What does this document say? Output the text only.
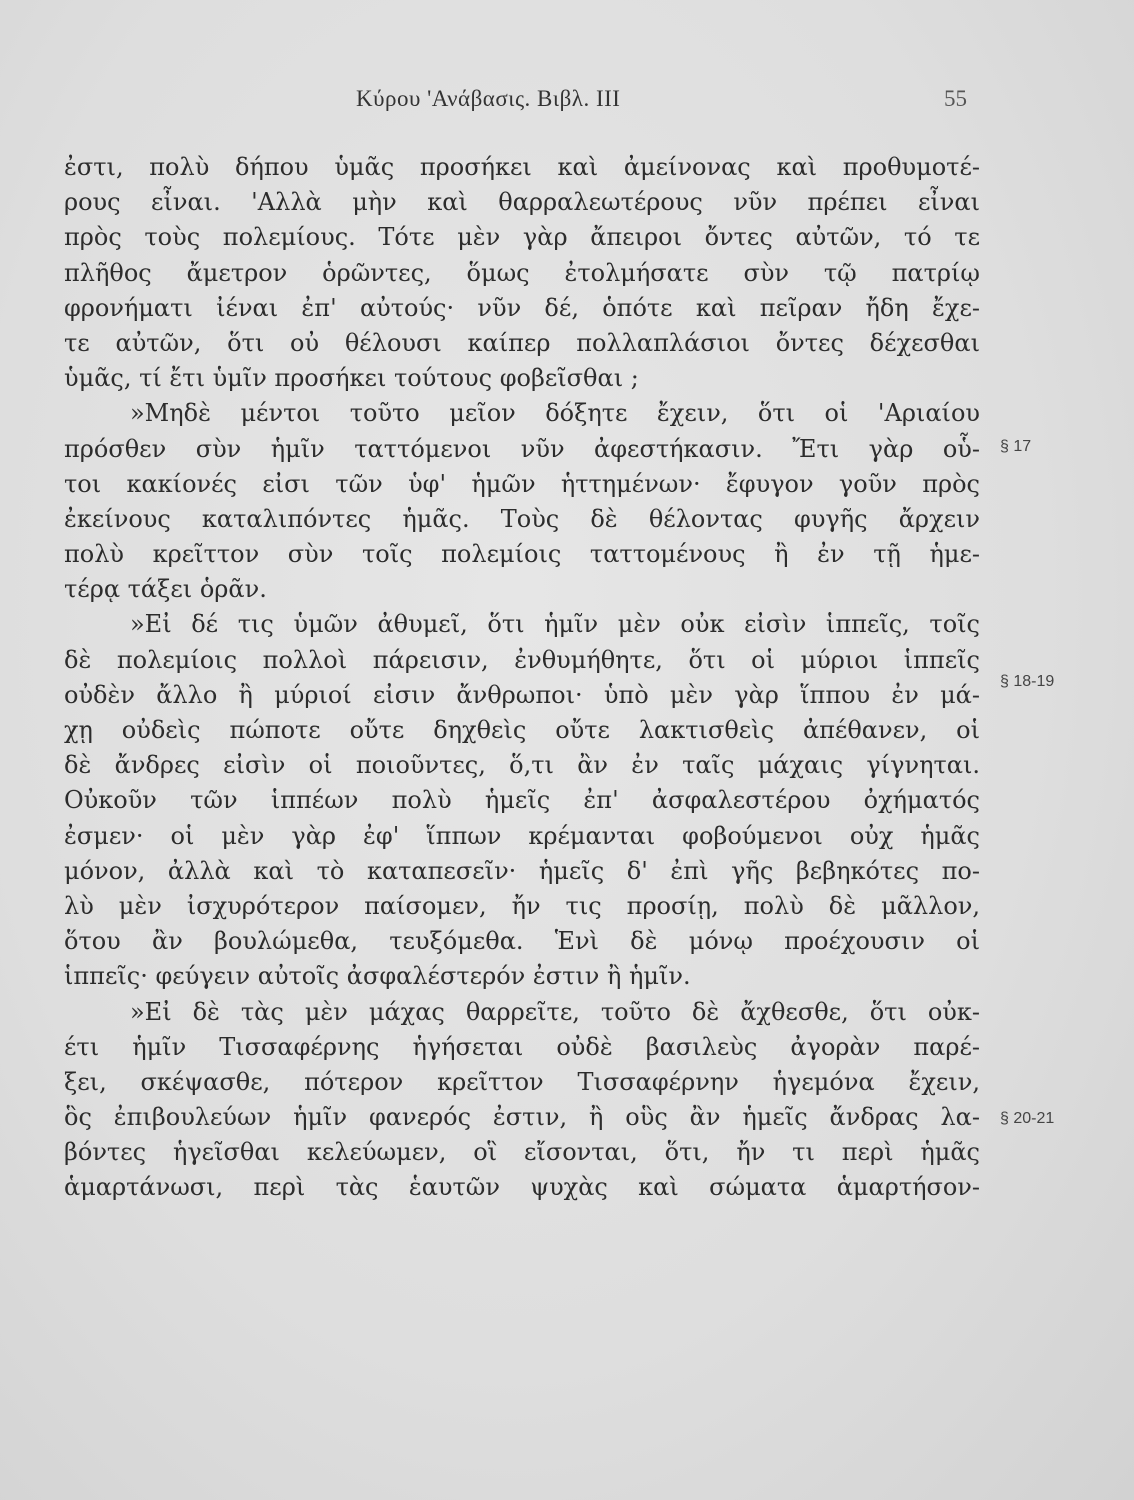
Κύρου 'Ανάβασις. Βιβλ. III	55
ἐστι, πολὺ δήπου ὑμᾶς προσήκει καὶ ἀμείνονας καὶ προθυμοτέ-
ρους εἶναι. 'Αλλὰ μὴν καὶ θαρραλεωτέρους νῦν πρέπει εἶναι
πρὸς τοὺς πολεμίους. Τότε μὲν γὰρ ἄπειροι ὄντες αὐτῶν, τό τε
πλῆθος ἄμετρον ὁρῶντες, ὅμως ἐτολμήσατε σὺν τῷ πατρίῳ
φρονήματι ἰέναι ἐπ' αὐτούς· νῦν δέ, ὁπότε καὶ πεῖραν ἤδη ἔχε-
τε αὐτῶν, ὅτι οὐ θέλουσι καίπερ πολλαπλάσιοι ὄντες δέχεσθαι
ὑμᾶς, τί ἔτι ὑμῖν προσήκει τούτους φοβεῖσθαι ;
»Μηδὲ μέντοι τοῦτο μεῖον δόξητε ἔχειν, ὅτι οἱ 'Αριαίου
πρόσθεν σὺν ἡμῖν ταττόμενοι νῦν ἀφεστήκασιν. Ἔτι γὰρ οὗ-
τοι κακίονές εἰσι τῶν ὑφ' ἡμῶν ἡττημένων· ἔφυγον γοῦν πρὸς
ἐκείνους καταλιπόντες ἡμᾶς. Τοὺς δὲ θέλοντας φυγῆς ἄρχειν
πολὺ κρεῖττον σὺν τοῖς πολεμίοις ταττομένους ἢ ἐν τῇ ἡμε-
τέρᾳ τάξει ὁρᾶν.
»Εἰ δέ τις ὑμῶν ἀθυμεῖ, ὅτι ἡμῖν μὲν οὐκ εἰσὶν ἱππεῖς, τοῖς
δὲ πολεμίοις πολλοὶ πάρεισιν, ἐνθυμήθητε, ὅτι οἱ μύριοι ἱππεῖς
οὐδὲν ἄλλο ἢ μύριοί εἰσιν ἄνθρωποι· ὑπὸ μὲν γὰρ ἵππου ἐν μά-
χῃ οὐδεὶς πώποτε οὔτε δηχθεὶς οὔτε λακτισθεὶς ἀπέθανεν, οἱ
δὲ ἄνδρες εἰσὶν οἱ ποιοῦντες, ὅ,τι ἂν ἐν ταῖς μάχαις γίγνηται.
Οὐκοῦν τῶν ἱππέων πολὺ ἡμεῖς ἐπ' ἀσφαλεστέρου ὀχήματός
ἐσμεν· οἱ μὲν γὰρ ἐφ' ἵππων κρέμανται φοβούμενοι οὐχ ἡμᾶς
μόνον, ἀλλὰ καὶ τὸ καταπεσεῖν· ἡμεῖς δ' ἐπὶ γῆς βεβηκότες πο-
λὺ μὲν ἰσχυρότερον παίσομεν, ἤν τις προσίῃ, πολὺ δὲ μᾶλλον,
ὅτου ἂν βουλώμεθα, τευξόμεθα. Ἑνὶ δὲ μόνῳ προέχουσιν οἱ
ἱππεῖς· φεύγειν αὐτοῖς ἀσφαλέστερόν ἐστιν ἢ ἡμῖν.
»Εἰ δὲ τὰς μὲν μάχας θαρρεῖτε, τοῦτο δὲ ἄχθεσθε, ὅτι οὐκ-
έτι ἡμῖν Τισσαφέρνης ἡγήσεται οὐδὲ βασιλεὺς ἀγορὰν παρέ-
ξει, σκέψασθε, πότερον κρεῖττον Τισσαφέρνην ἡγεμόνα ἔχειν,
ὃς ἐπιβουλεύων ἡμῖν φανερός ἐστιν, ἢ οὓς ἂν ἡμεῖς ἄνδρας λα-
βόντες ἡγεῖσθαι κελεύωμεν, οἳ εἴσονται, ὅτι, ἤν τι περὶ ἡμᾶς
ἁμαρτάνωσι, περὶ τὰς ἑαυτῶν ψυχὰς καὶ σώματα ἁμαρτήσον-
§ 17
§ 18-19
§ 20-21
